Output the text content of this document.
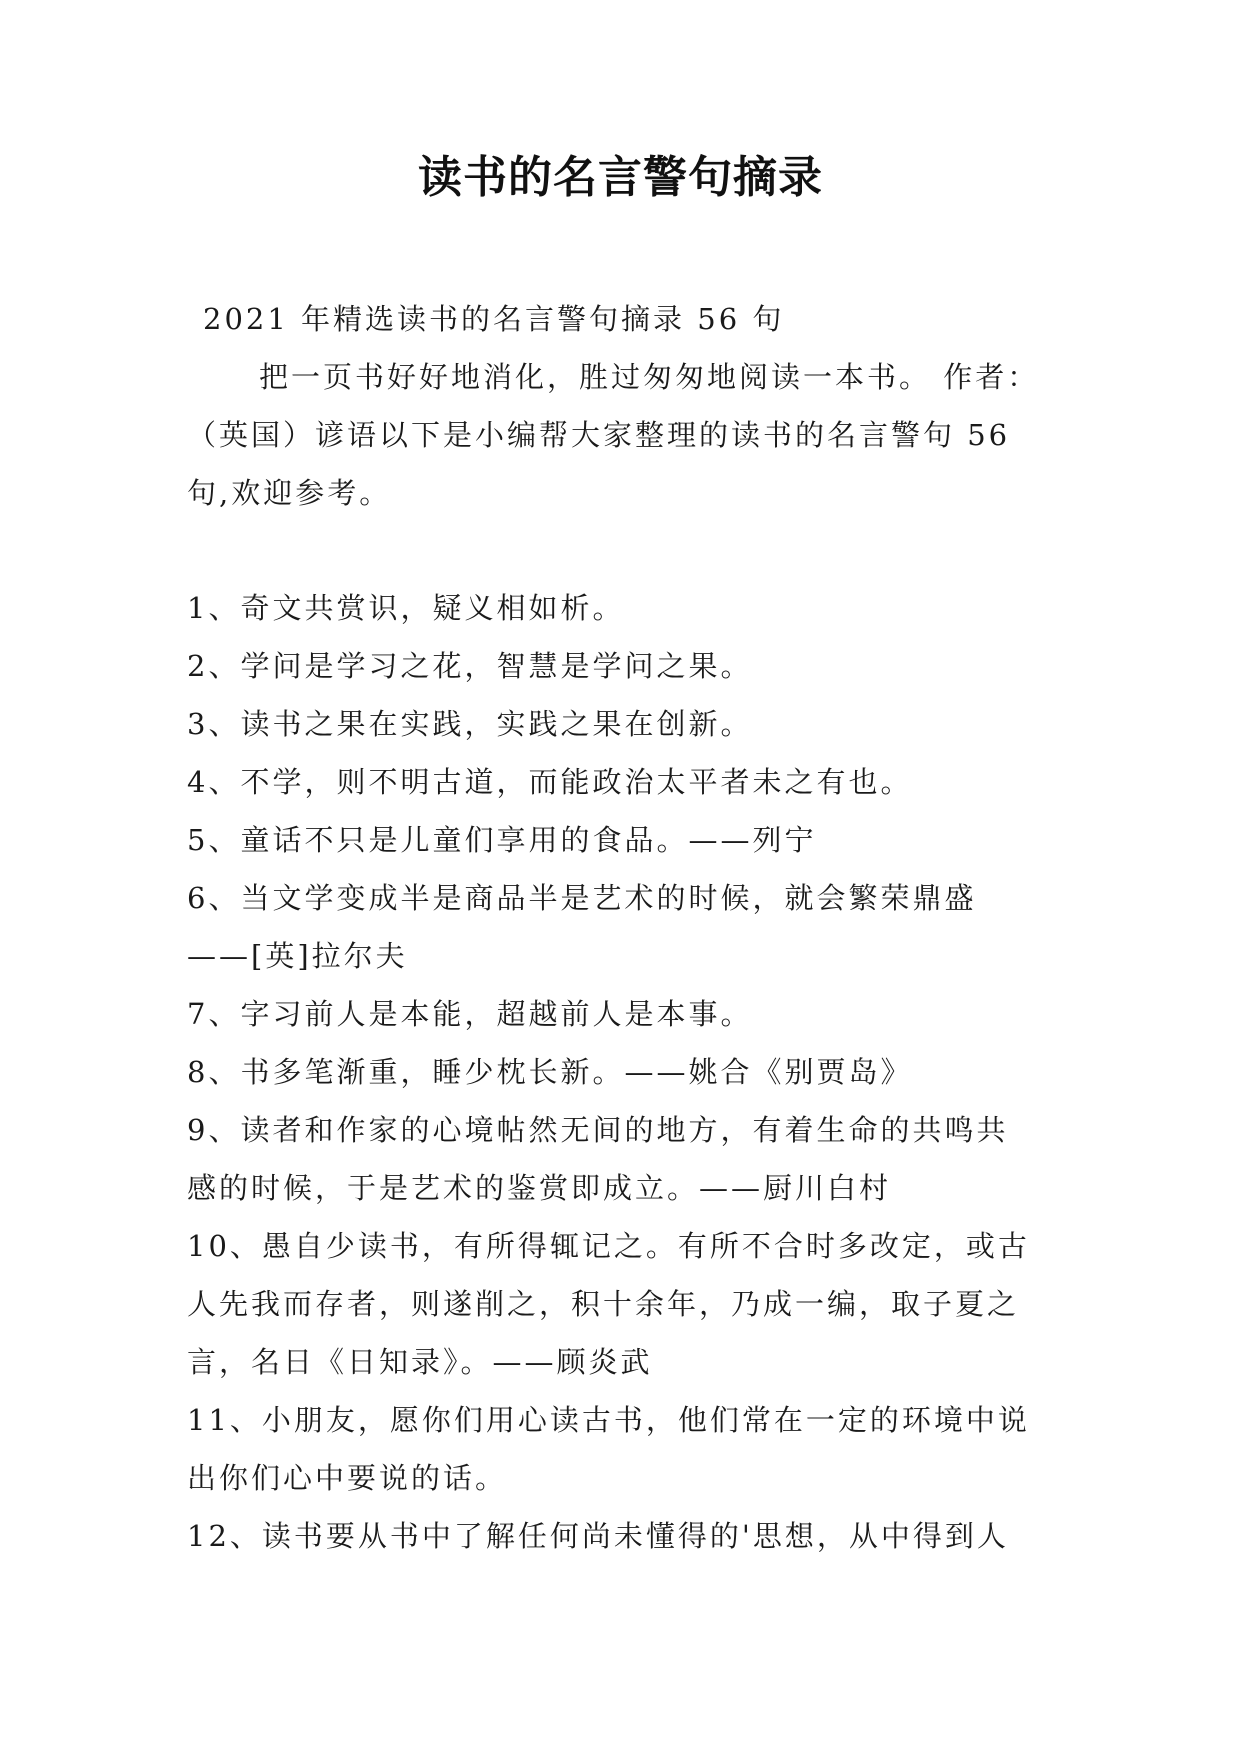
读书的名言警句摘录
2021 年精选读书的名言警句摘录 56 句
把一页书好好地消化，胜过匆匆地阅读一本书。 作者：
（英国）谚语以下是小编帮大家整理的读书的名言警句 56
句,欢迎参考。
1、奇文共赏识，疑义相如析。
2、学问是学习之花，智慧是学问之果。
3、读书之果在实践，实践之果在创新。
4、不学，则不明古道，而能政治太平者未之有也。
5、童话不只是儿童们享用的食品。——列宁
6、当文学变成半是商品半是艺术的时候，就会繁荣鼎盛
——[英]拉尔夫
7、字习前人是本能，超越前人是本事。
8、书多笔渐重，睡少枕长新。——姚合《别贾岛》
9、读者和作家的心境帖然无间的地方，有着生命的共鸣共
感的时候，于是艺术的鉴赏即成立。——厨川白村
10、愚自少读书，有所得辄记之。有所不合时多改定，或古
人先我而存者，则遂削之，积十余年，乃成一编，取子夏之
言，名日《日知录》。——顾炎武
11、小朋友，愿你们用心读古书，他们常在一定的环境中说
出你们心中要说的话。
12、读书要从书中了解任何尚未懂得的'思想，从中得到人
